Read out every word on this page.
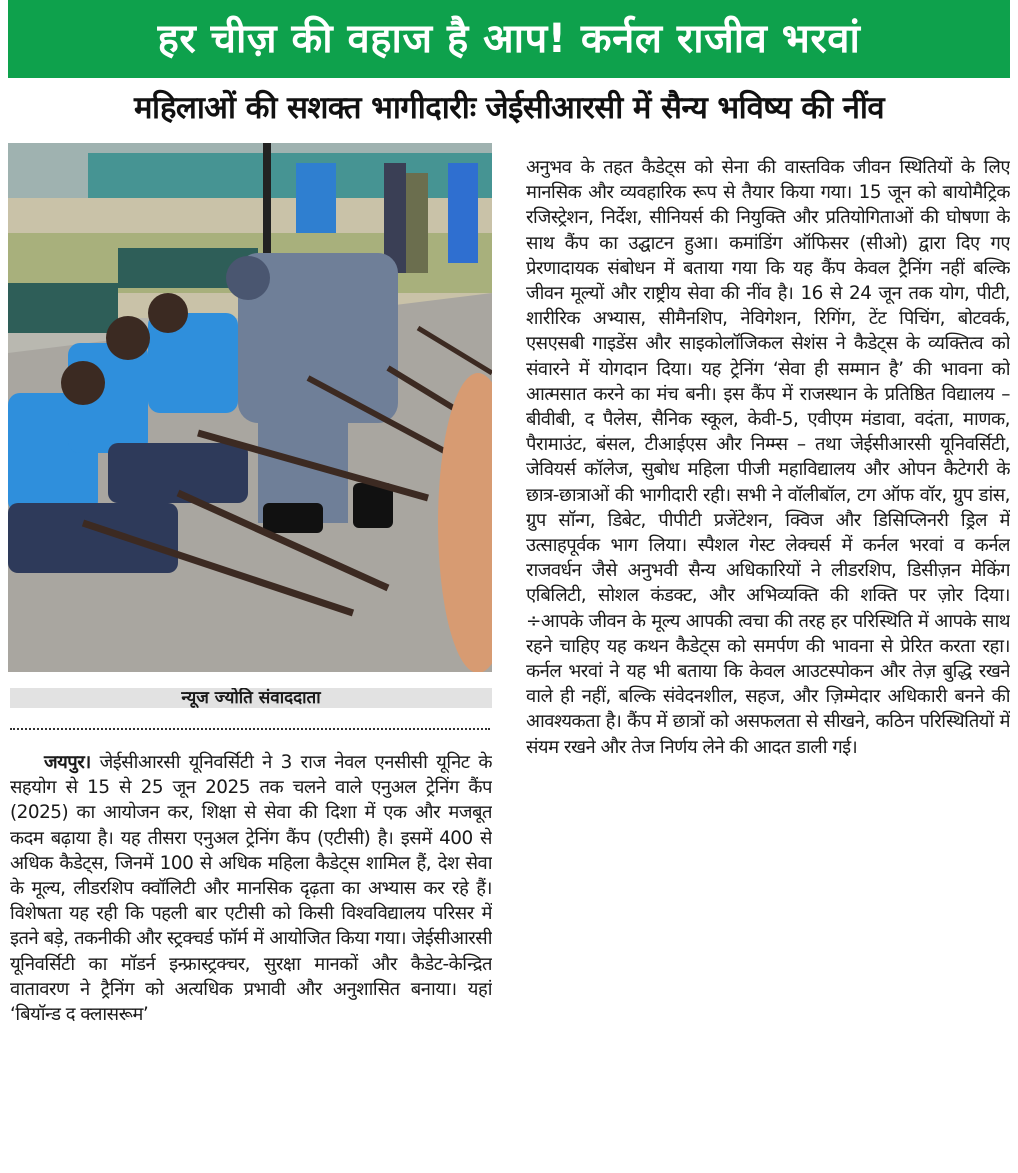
हर चीज़ की वहाज है आप! कर्नल राजीव भरवां
महिलाओं की सशक्त भागीदारीः जेईसीआरसी में सैन्य भविष्य की नींव
न्यूज ज्योति संवाददाता

जयपुर। जेईसीआरसी यूनिवर्सिटी ने 3 राज नेवल एनसीसी यूनिट के सहयोग से 15 से 25 जून 2025 तक चलने वाले एनुअल ट्रेनिंग कैंप (2025) का आयोजन कर, शिक्षा से सेवा की दिशा में एक और मजबूत कदम बढ़ाया है। यह तीसरा एनुअल ट्रेनिंग कैंप (एटीसी) है। इसमें 400 से अधिक कैडेट्स, जिनमें 100 से अधिक महिला कैडेट्स शामिल हैं, देश सेवा के मूल्य, लीडरशिप क्वॉलिटी और मानसिक दृढ़ता का अभ्यास कर रहे हैं। विशेषता यह रही कि पहली बार एटीसी को किसी विश्वविद्यालय परिसर में इतने बड़े, तकनीकी और स्ट्रक्चर्ड फॉर्म में आयोजित किया गया। जेईसीआरसी यूनिवर्सिटी का मॉडर्न इन्फ्रास्ट्रक्चर, सुरक्षा मानकों और कैडेट-केन्द्रित वातावरण ने ट्रैनिंग को अत्यधिक प्रभावी और अनुशासित बनाया। यहां ‘बियॉन्ड द क्लासरूम’

अनुभव के तहत कैडेट्स को सेना की वास्तविक जीवन स्थितियों के लिए मानसिक और व्यवहारिक रूप से तैयार किया गया। 15 जून को बायोमैट्रिक रजिस्ट्रेशन, निर्देश, सीनियर्स की नियुक्ति और प्रतियोगिताओं की घोषणा के साथ कैंप का उद्घाटन हुआ। कमांडिंग ऑफिसर (सीओ) द्वारा दिए गए प्रेरणादायक संबोधन में बताया गया कि यह कैंप केवल ट्रैनिंग नहीं बल्कि जीवन मूल्यों और राष्ट्रीय सेवा की नींव है। 16 से 24 जून तक योग, पीटी, शारीरिक अभ्यास, सीमैनशिप, नेविगेशन, रिगिंग, टेंट पिचिंग, बोटवर्क, एसएसबी गाइडेंस और साइकोलॉजिकल सेशंस ने कैडेट्स के व्यक्तित्व को संवारने में योगदान दिया। यह ट्रेनिंग ‘सेवा ही सम्मान है’ की भावना को आत्मसात करने का मंच बनी। इस कैंप में राजस्थान के प्रतिष्ठित विद्यालय – बीवीबी, द पैलेस, सैनिक स्कूल, केवी-5, एवीएम मंडावा, वदंता, माणक, पैरामाउंट, बंसल, टीआईएस और निम्म्स – तथा जेईसीआरसी यूनिवर्सिटी, जेवियर्स कॉलेज, सुबोध महिला पीजी महाविद्यालय और ओपन कैटेगरी के छात्र-छात्राओं की भागीदारी रही। सभी ने वॉलीबॉल, टग ऑफ वॉर, ग्रुप डांस, ग्रुप सॉन्ग, डिबेट, पीपीटी प्रजेंटेशन, क्विज और डिसिप्लिनरी ड्रिल में उत्साहपूर्वक भाग लिया। स्पैशल गेस्ट लेक्चर्स में कर्नल भरवां व कर्नल राजवर्धन जैसे अनुभवी सैन्य अधिकारियों ने लीडरशिप, डिसीज़न मेकिंग एबिलिटी, सोशल कंडक्ट, और अभिव्यक्ति की शक्ति पर ज़ोर दिया। ÷आपके जीवन के मूल्य आपकी त्वचा की तरह हर परिस्थिति में आपके साथ रहने चाहिए यह कथन कैडेट्स को समर्पण की भावना से प्रेरित करता रहा। कर्नल भरवां ने यह भी बताया कि केवल आउटस्पोकन और तेज़ बुद्धि रखने वाले ही नहीं, बल्कि संवेदनशील, सहज, और ज़िम्मेदार अधिकारी बनने की आवश्यकता है। कैंप में छात्रों को असफलता से सीखने, कठिन परिस्थितियों में संयम रखने और तेज निर्णय लेने की आदत डाली गई।
